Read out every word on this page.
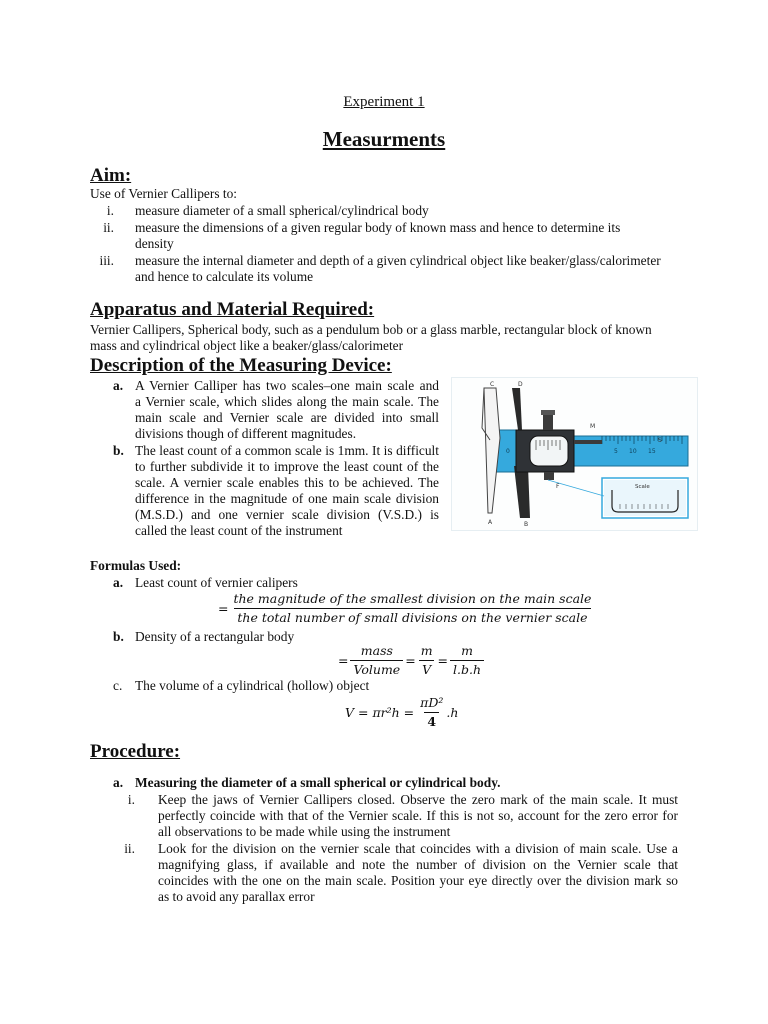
Experiment 1
Measurments
Aim:
Use of Vernier Callipers to:
i. measure diameter of a small spherical/cylindrical body
ii. measure the dimensions of a given regular body of known mass and hence to determine its
density
iii. measure the internal diameter and depth of a given cylindrical object like beaker/glass/calorimeter
and hence to calculate its volume
Apparatus and Material Required:
Vernier Callipers, Spherical body, such as a pendulum bob or a glass marble, rectangular block of known
mass and cylindrical object like a beaker/glass/calorimeter
Description of the Measuring Device:
a. A Vernier Calliper has two scales–one main scale and
a Vernier scale, which slides along the main scale. The
main scale and Vernier scale are divided into small
divisions though of different magnitudes.
b. The least count of a common scale is 1mm. It is difficult
to further subdivide it to improve the least count of the
scale. A vernier scale enables this to be achieved. The
difference in the magnitude of one main scale division
(M.S.D.) and one vernier scale division (V.S.D.) is
called the least count of the instrument
0	5 10 15
Scale
C	D
M
S
F
A	B
Formulas Used:
a. Least count of vernier calipers
= $\frac{\text{the magnitude of the smallest division on the main scale}}{\text{the total number of small divisions on the vernier scale}}$
b. Density of a rectangular body
= $\frac{\text{mass}}{\text{Volume}} = \frac{m}{V} = \frac{m}{l.b.h}$
c. The volume of a cylindrical (hollow) object
$V = \pi r^2h = \frac{\text{πD²}}{4} .h$
Procedure:
a. Measuring the diameter of a small spherical or cylindrical body.
i. Keep the jaws of Vernier Callipers closed. Observe the zero mark of the main scale. It must
perfectly coincide with that of the Vernier scale. If this is not so, account for the zero error for
all observations to be made while using the instrument
ii. Look for the division on the vernier scale that coincides with a division of main scale. Use a
magnifying glass, if available and note the number of division on the Vernier scale that
coincides with the one on the main scale. Position your eye directly over the division mark so
as to avoid any parallax error
